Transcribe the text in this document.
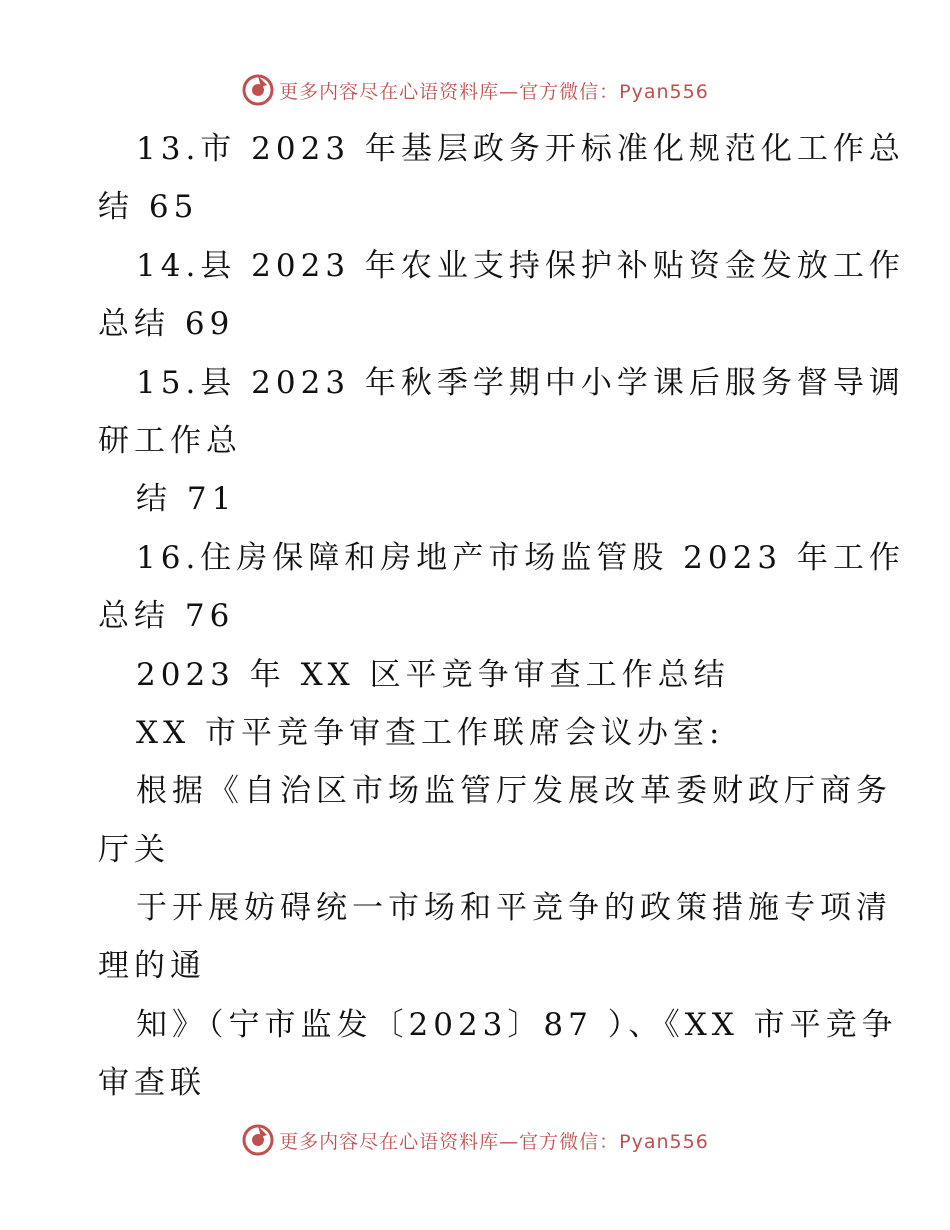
更多内容尽在心语资料库—官方微信：Pyan556
13.市 2023 年基层政务开标准化规范化工作总
结 65
14.县 2023 年农业支持保护补贴资金发放工作
总结 69
15.县 2023 年秋季学期中小学课后服务督导调
研工作总
结 71
16.住房保障和房地产市场监管股 2023 年工作
总结 76
2023 年 XX 区平竞争审查工作总结
XX 市平竞争审查工作联席会议办室:
根据《自治区市场监管厅发展改革委财政厅商务
厅关
于开展妨碍统一市场和平竞争的政策措施专项清
理的通
知》（宁市监发〔2023〕87 ）、《XX 市平竞争
审查联
更多内容尽在心语资料库—官方微信：Pyan556
